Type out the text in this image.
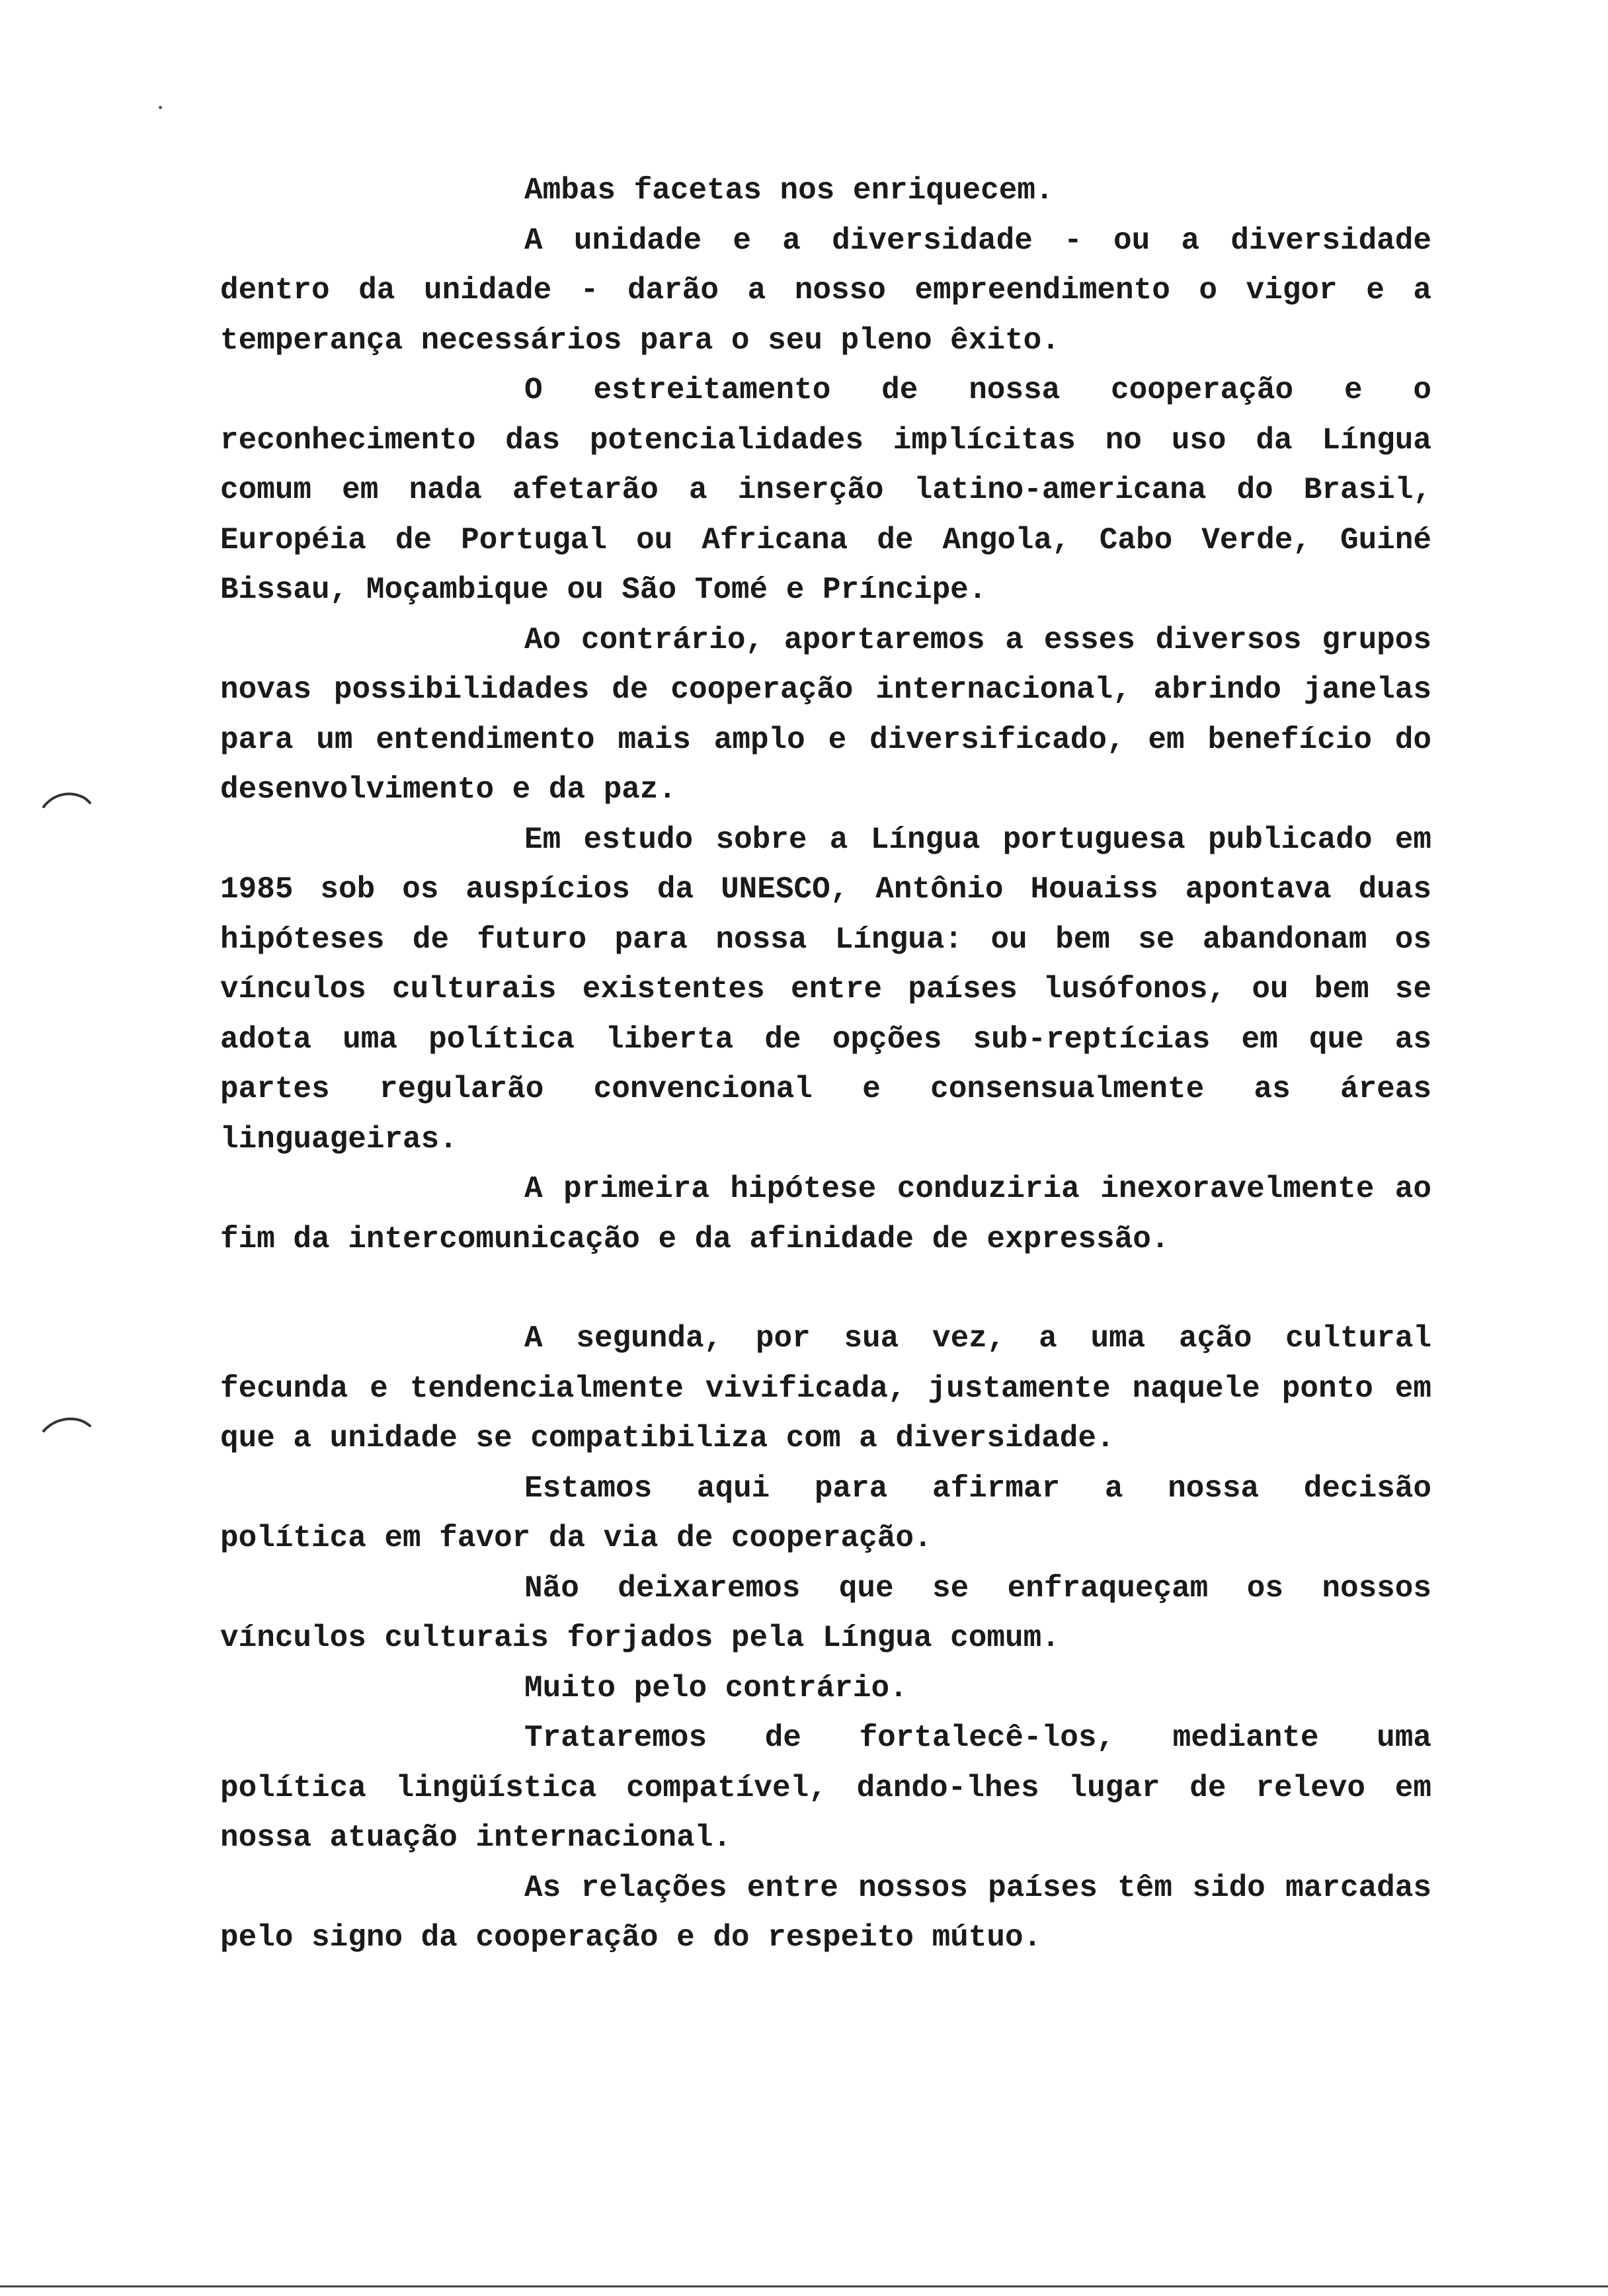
Ambas facetas nos enriquecem.

A unidade e a diversidade - ou a diversidade dentro da unidade - darão a nosso empreendimento o vigor e a temperança necessários para o seu pleno êxito.

O estreitamento de nossa cooperação e o reconhecimento das potencialidades implícitas no uso da Língua comum em nada afetarão a inserção latino-americana do Brasil, Européia de Portugal ou Africana de Angola, Cabo Verde, Guiné Bissau, Moçambique ou São Tomé e Príncipe.

Ao contrário, aportaremos a esses diversos grupos novas possibilidades de cooperação internacional, abrindo janelas para um entendimento mais amplo e diversificado, em benefício do desenvolvimento e da paz.

Em estudo sobre a Língua portuguesa publicado em 1985 sob os auspícios da UNESCO, Antônio Houaiss apontava duas hipóteses de futuro para nossa Língua: ou bem se abandonam os vínculos culturais existentes entre países lusófonos, ou bem se adota uma política liberta de opções sub-reptícias em que as partes regularão convencional e consensualmente as áreas linguageiras.

A primeira hipótese conduziria inexoravelmente ao fim da intercomunicação e da afinidade de expressão.

A segunda, por sua vez, a uma ação cultural fecunda e tendencialmente vivificada, justamente naquele ponto em que a unidade se compatibiliza com a diversidade.

Estamos aqui para afirmar a nossa decisão política em favor da via de cooperação.

Não deixaremos que se enfraqueçam os nossos vínculos culturais forjados pela Língua comum.

Muito pelo contrário.

Trataremos de fortalecê-los, mediante uma política lingüística compatível, dando-lhes lugar de relevo em nossa atuação internacional.

As relações entre nossos países têm sido marcadas pelo signo da cooperação e do respeito mútuo.
